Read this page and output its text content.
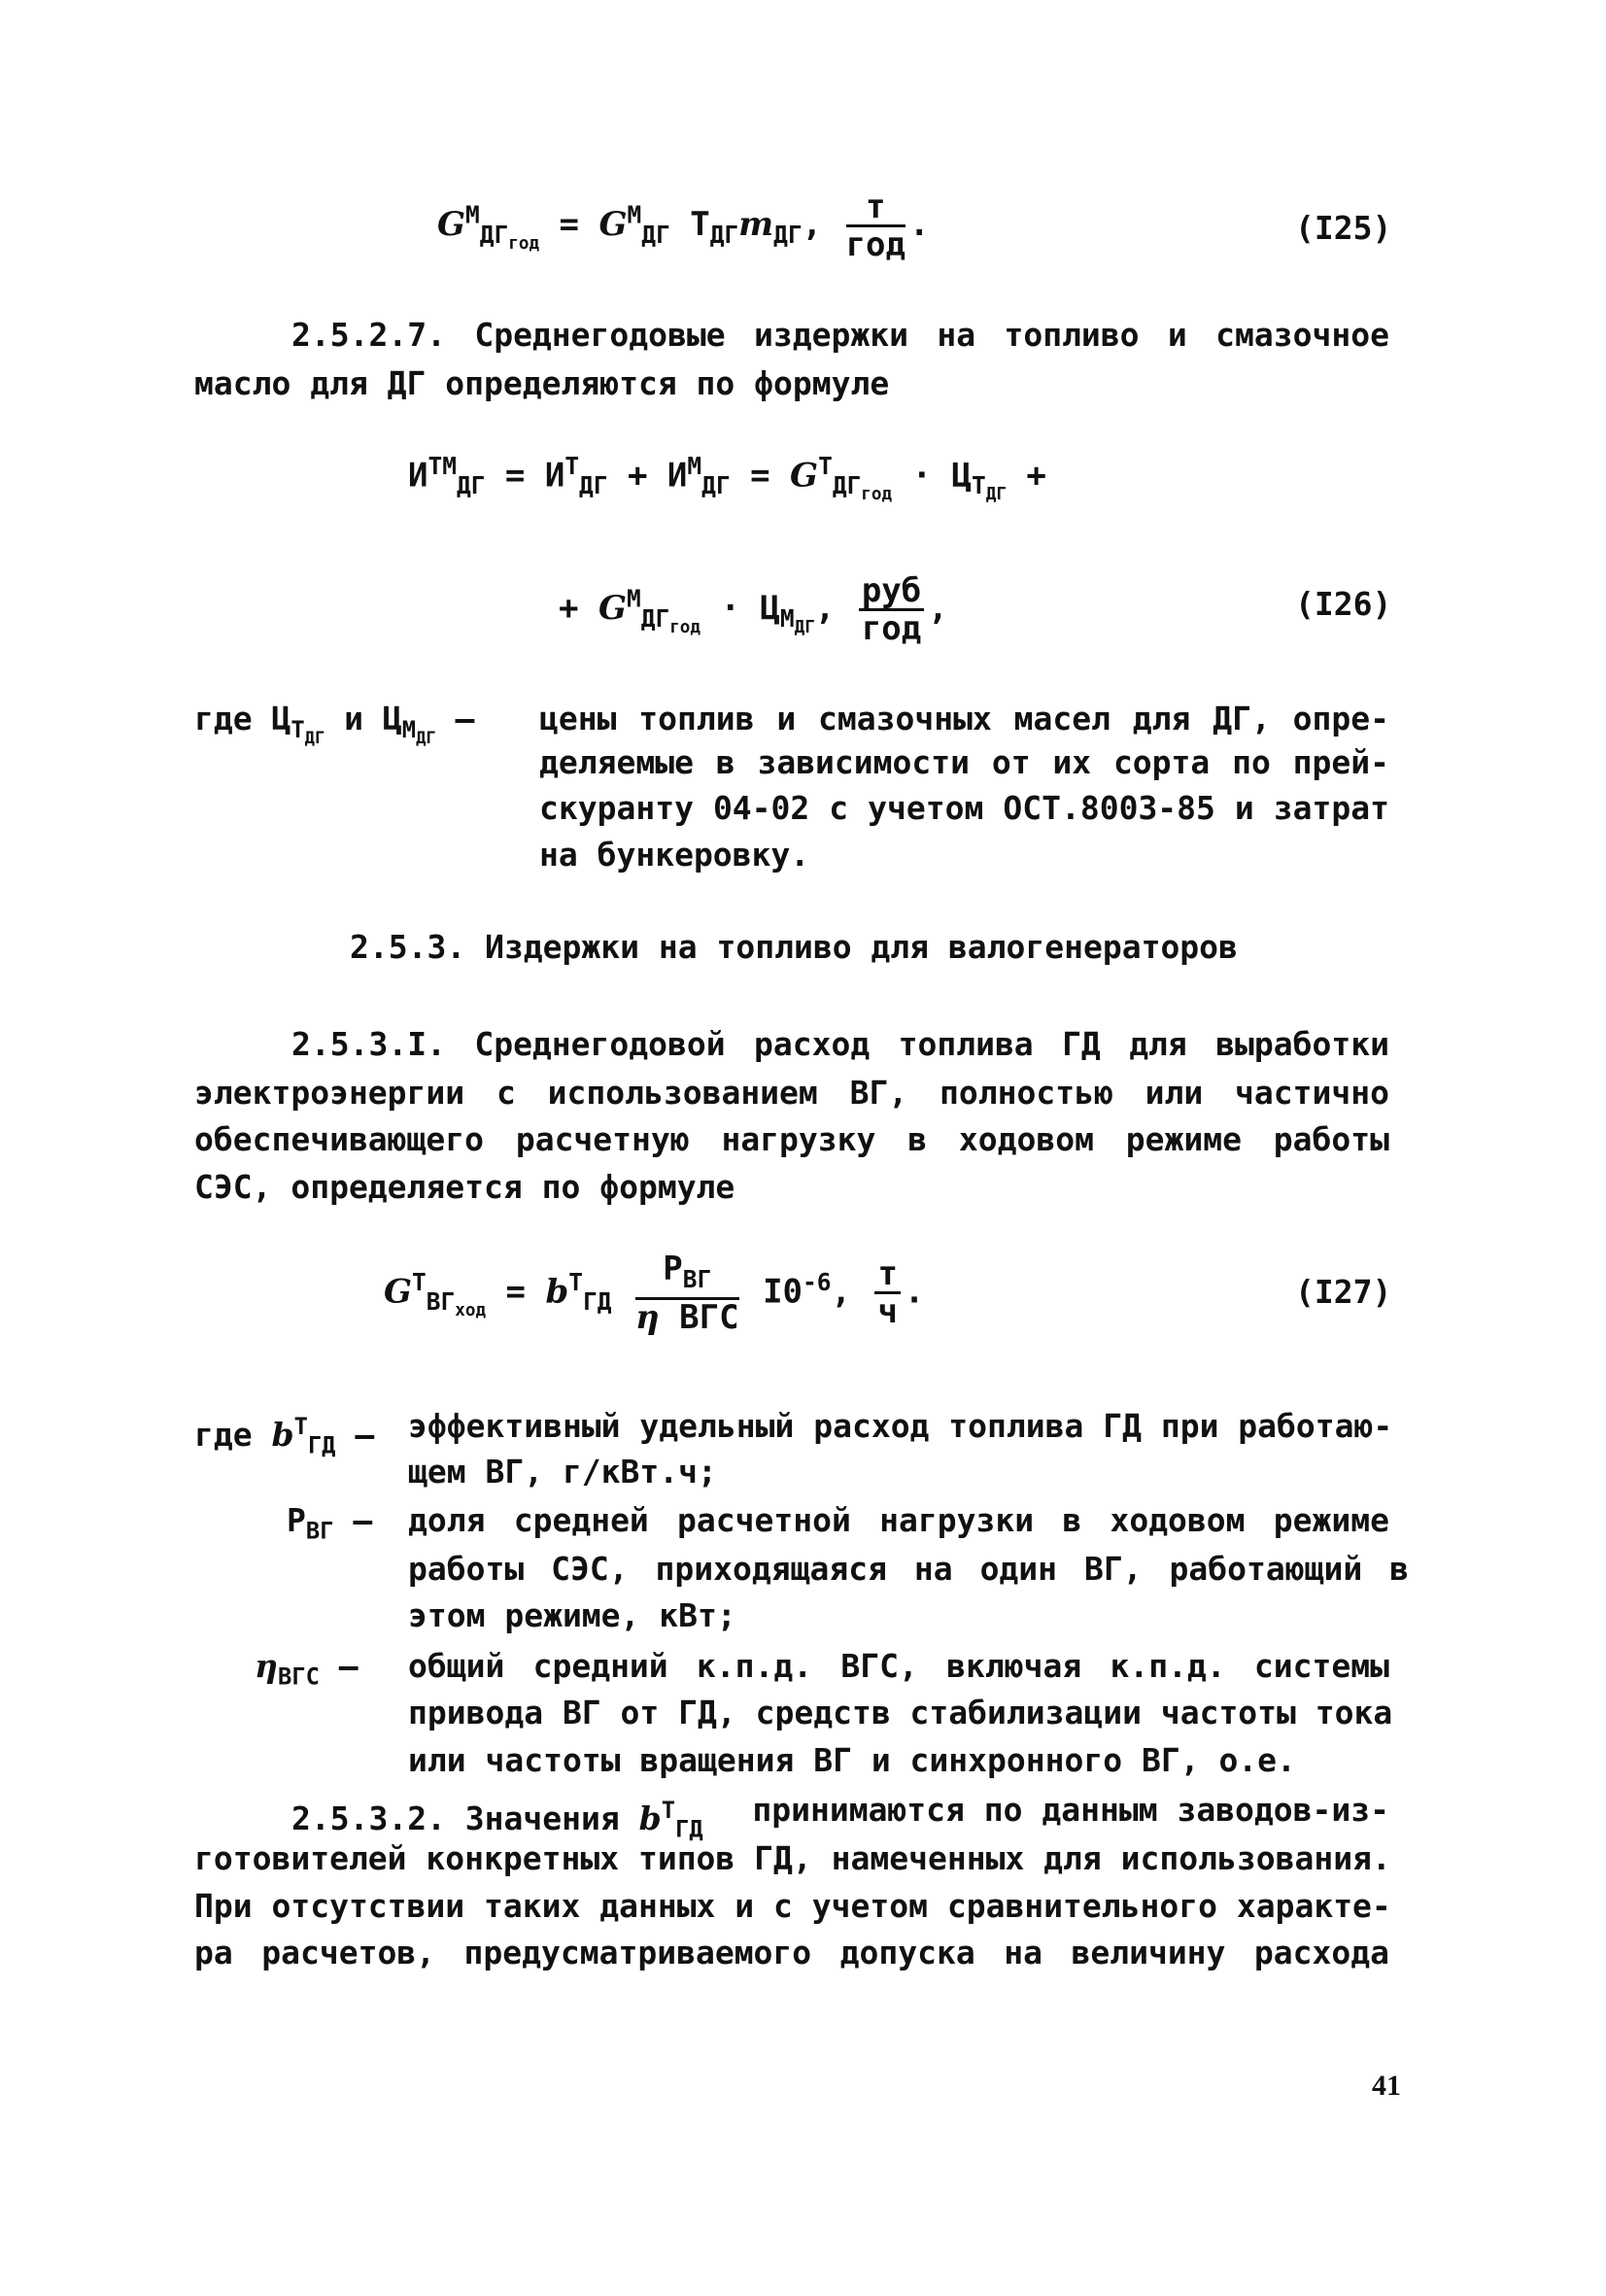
$G^М_{ДГ_{год}} = G^М_{ДГ}$ $T_{ДГ}m_{ДГ}$, $\frac{т}{\text{год}}$ .	(I25)
2.5.2.7. Среднегодовые издержки на топливо и смазочное
масло для ДГ определяются по формуле
$И^{ТМ}_{ДГ} = И^Т_{ДГ} + И^М_{ДГ} = G^Т_{ДГ_{год}} \cdot Ц_{Т_{ДГ}}$ +
+ $G^М_{ДГ_{год}} \cdot Ц_{М_{ДГ}}$, $\frac{\text{руб}}{\text{год}}$ ,	(I26)
где $Ц_{Т_{ДГ}}$ и $Ц_{М_{ДГ}}$ – цены топлив и смазочных масел для ДГ, опре-
деляемые в зависимости от их сорта по прей-
скуранту 04-02 с учетом ОСТ.8003-85 и затрат
на бункеровку.
2.5.3. Издержки на топливо для валогенераторов
2.5.3.I. Среднегодовой расход топлива ГД для выработки
электроэнергии с использованием ВГ, полностью или частично
обеспечивающего расчетную нагрузку в ходовом режиме работы
СЭС, определяется по формуле
$G^Т_{ВГ_{ход}} = b^Т_{ГД} \frac{P_{ВГ}}{\text{η ВГС}} I0^{-6}$, $\frac{т}{ч}$ .	(I27)
где $b^Т_{ГД}$ – эффективный удельный расход топлива ГД при работаю-
щем ВГ, г/кВт.ч;
$P_{ВГ}$ – доля средней расчетной нагрузки в ходовом режиме
работы СЭС, приходящаяся на один ВГ, работающий в
этом режиме, кВт;
$\eta_{ВГС}$ – общий средний к.п.д. ВГС, включая к.п.д. системы
привода ВГ от ГД, средств стабилизации частоты тока
или частоты вращения ВГ и синхронного ВГ, о.е.
2.5.3.2. Значения $b^Т_{ГД}$
принимаются по данным заводов-из-
готовителей конкретных типов ГД, намеченных для использования.
При отсутствии таких данных и с учетом сравнительного характе-
ра расчетов, предусматриваемого допуска на величину расхода
41
